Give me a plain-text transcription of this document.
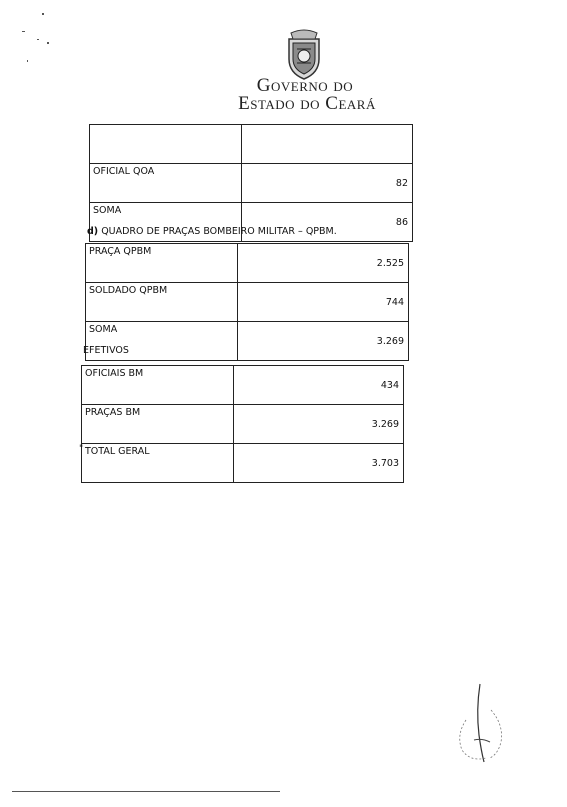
Governo do
Estado do Ceará

OFICIAL QOA	82
SOMA	86
d) QUADRO DE PRAÇAS BOMBEIRO MILITAR – QPBM.
PRAÇA QPBM	2.525
SOLDADO QPBM	744
SOMA	3.269
EFETIVOS
OFICIAIS BM	434
PRAÇAS BM	3.269
TOTAL GERAL	3.703
"
